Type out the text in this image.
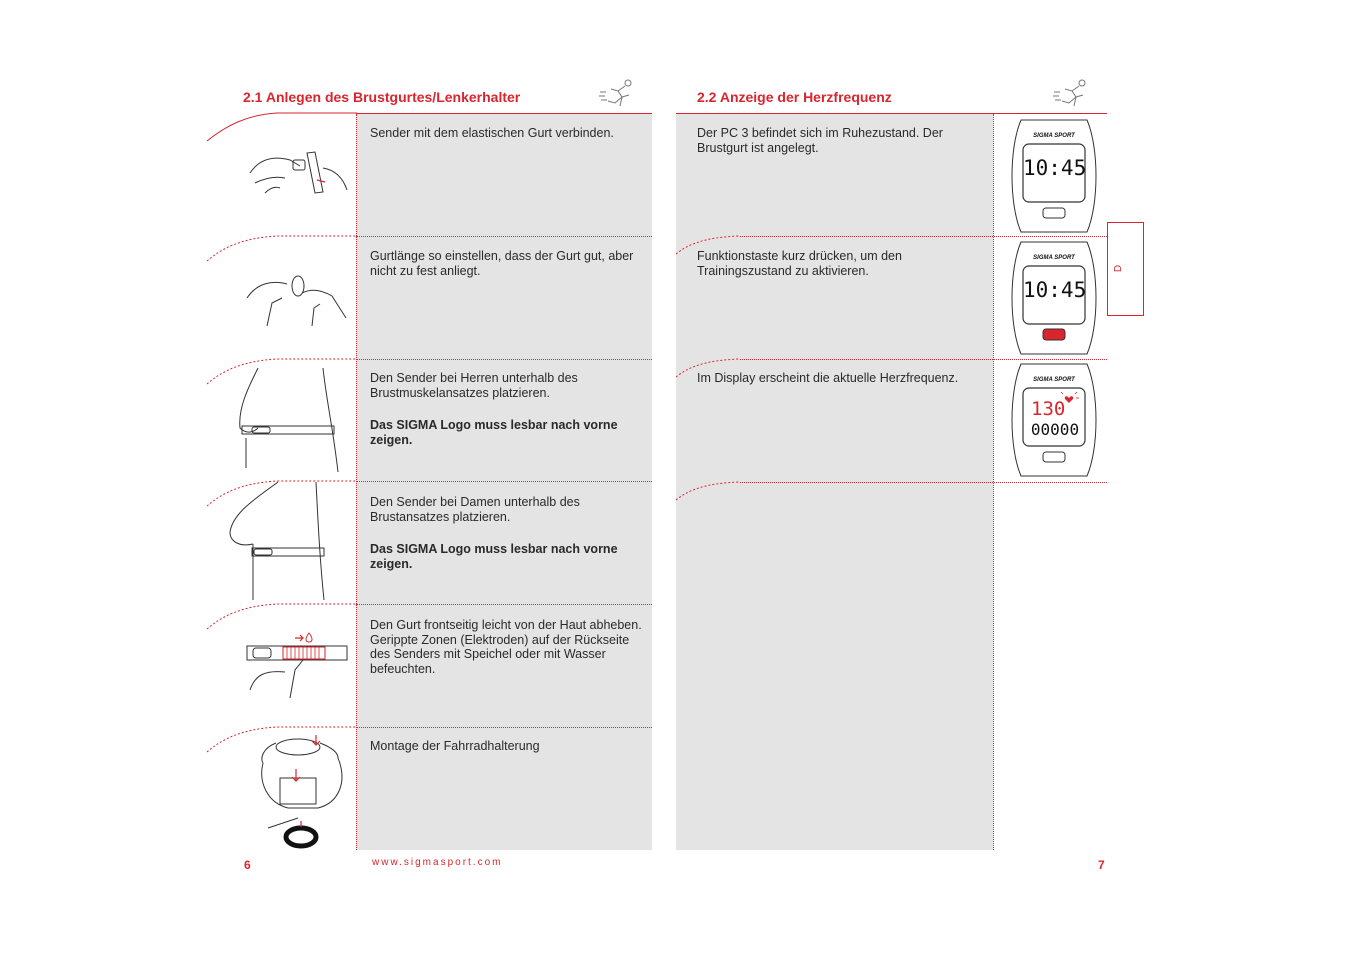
2.1 Anlegen des Brustgurtes/Lenkerhalter
Sender mit dem elastischen Gurt verbinden.
Gurtlänge so einstellen, dass der Gurt gut, aber nicht zu fest anliegt.
Den Sender bei Herren unterhalb des Brustmuskelansatzes platzieren.
Das SIGMA Logo muss lesbar nach vorne zeigen.
Den Sender bei Damen unterhalb des Brustansatzes platzieren.
Das SIGMA Logo muss lesbar nach vorne zeigen.
Den Gurt frontseitig leicht von der Haut abheben. Gerippte Zonen (Elektroden) auf der Rückseite des Senders mit Speichel oder mit Wasser befeuchten.
Montage der Fahrradhalterung
6	www.sigmasport.com
2.2 Anzeige der Herzfrequenz
Der PC 3 befindet sich im Ruhezustand. Der Brustgurt ist angelegt.
Funktionstaste kurz drücken, um den Trainingszustand zu aktivieren.
Im Display erscheint die aktuelle Herzfrequenz.
SIGMA SPORT
10:45
SIGMA SPORT
10:45
SIGMA SPORT
130
00000
D
7
